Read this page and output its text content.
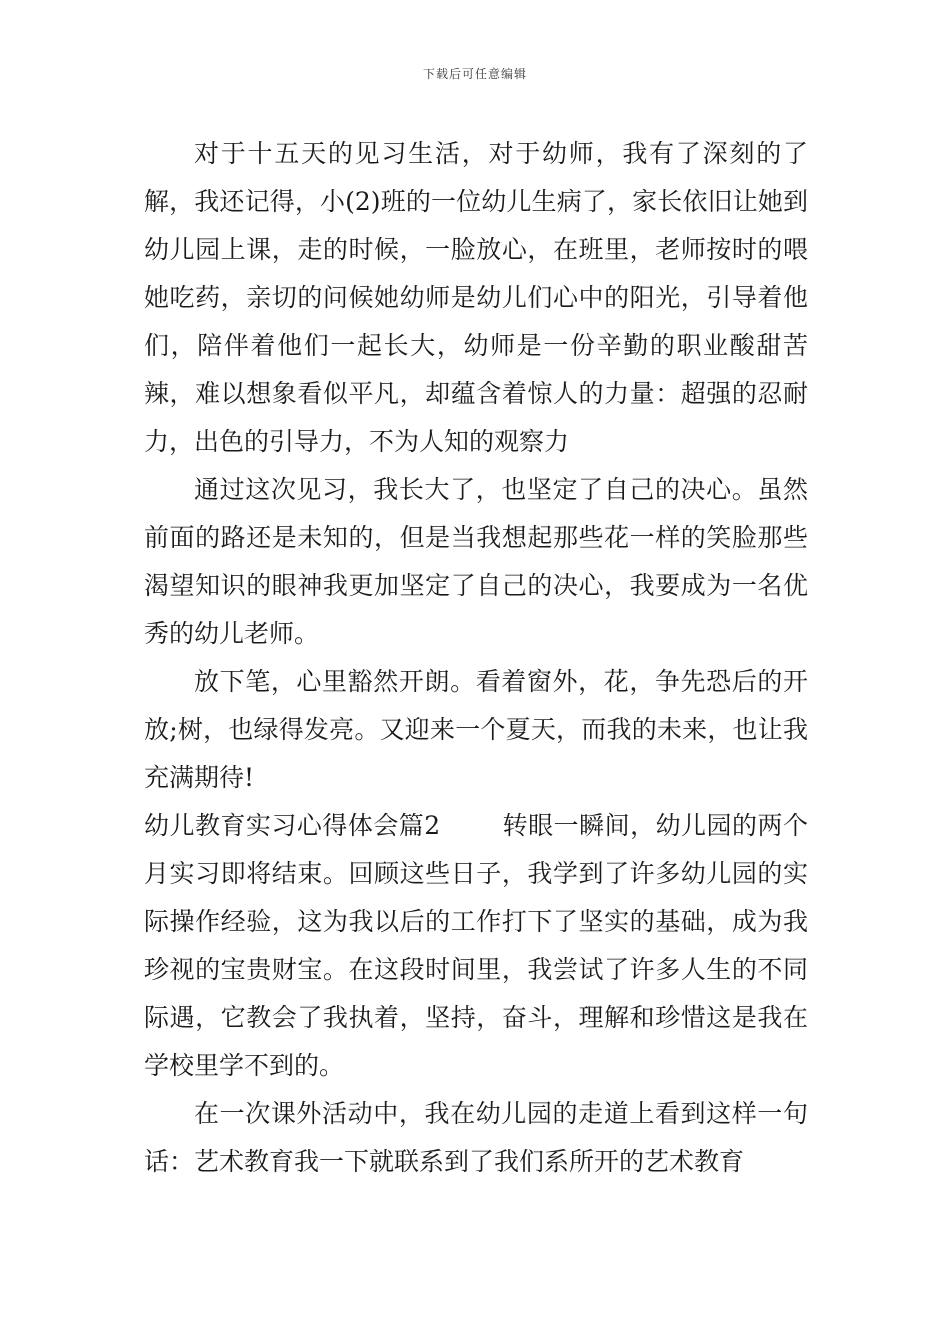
下载后可任意编辑

对于十五天的见习生活，对于幼师，我有了深刻的了解，我还记得，小(2)班的一位幼儿生病了，家长依旧让她到幼儿园上课，走的时候，一脸放心，在班里，老师按时的喂她吃药，亲切的问候她幼师是幼儿们心中的阳光，引导着他们，陪伴着他们一起长大，幼师是一份辛勤的职业酸甜苦辣，难以想象看似平凡，却蕴含着惊人的力量：超强的忍耐力，出色的引导力，不为人知的观察力

通过这次见习，我长大了，也坚定了自己的决心。虽然前面的路还是未知的，但是当我想起那些花一样的笑脸那些渴望知识的眼神我更加坚定了自己的决心，我要成为一名优秀的幼儿老师。

放下笔，心里豁然开朗。看着窗外，花，争先恐后的开放;树，也绿得发亮。又迎来一个夏天，而我的未来，也让我充满期待!

幼儿教育实习心得体会篇2 转眼一瞬间，幼儿园的两个月实习即将结束。回顾这些日子，我学到了许多幼儿园的实际操作经验，这为我以后的工作打下了坚实的基础，成为我珍视的宝贵财宝。在这段时间里，我尝试了许多人生的不同际遇，它教会了我执着，坚持，奋斗，理解和珍惜这是我在学校里学不到的。

在一次课外活动中，我在幼儿园的走道上看到这样一句话：艺术教育我一下就联系到了我们系所开的艺术教育
